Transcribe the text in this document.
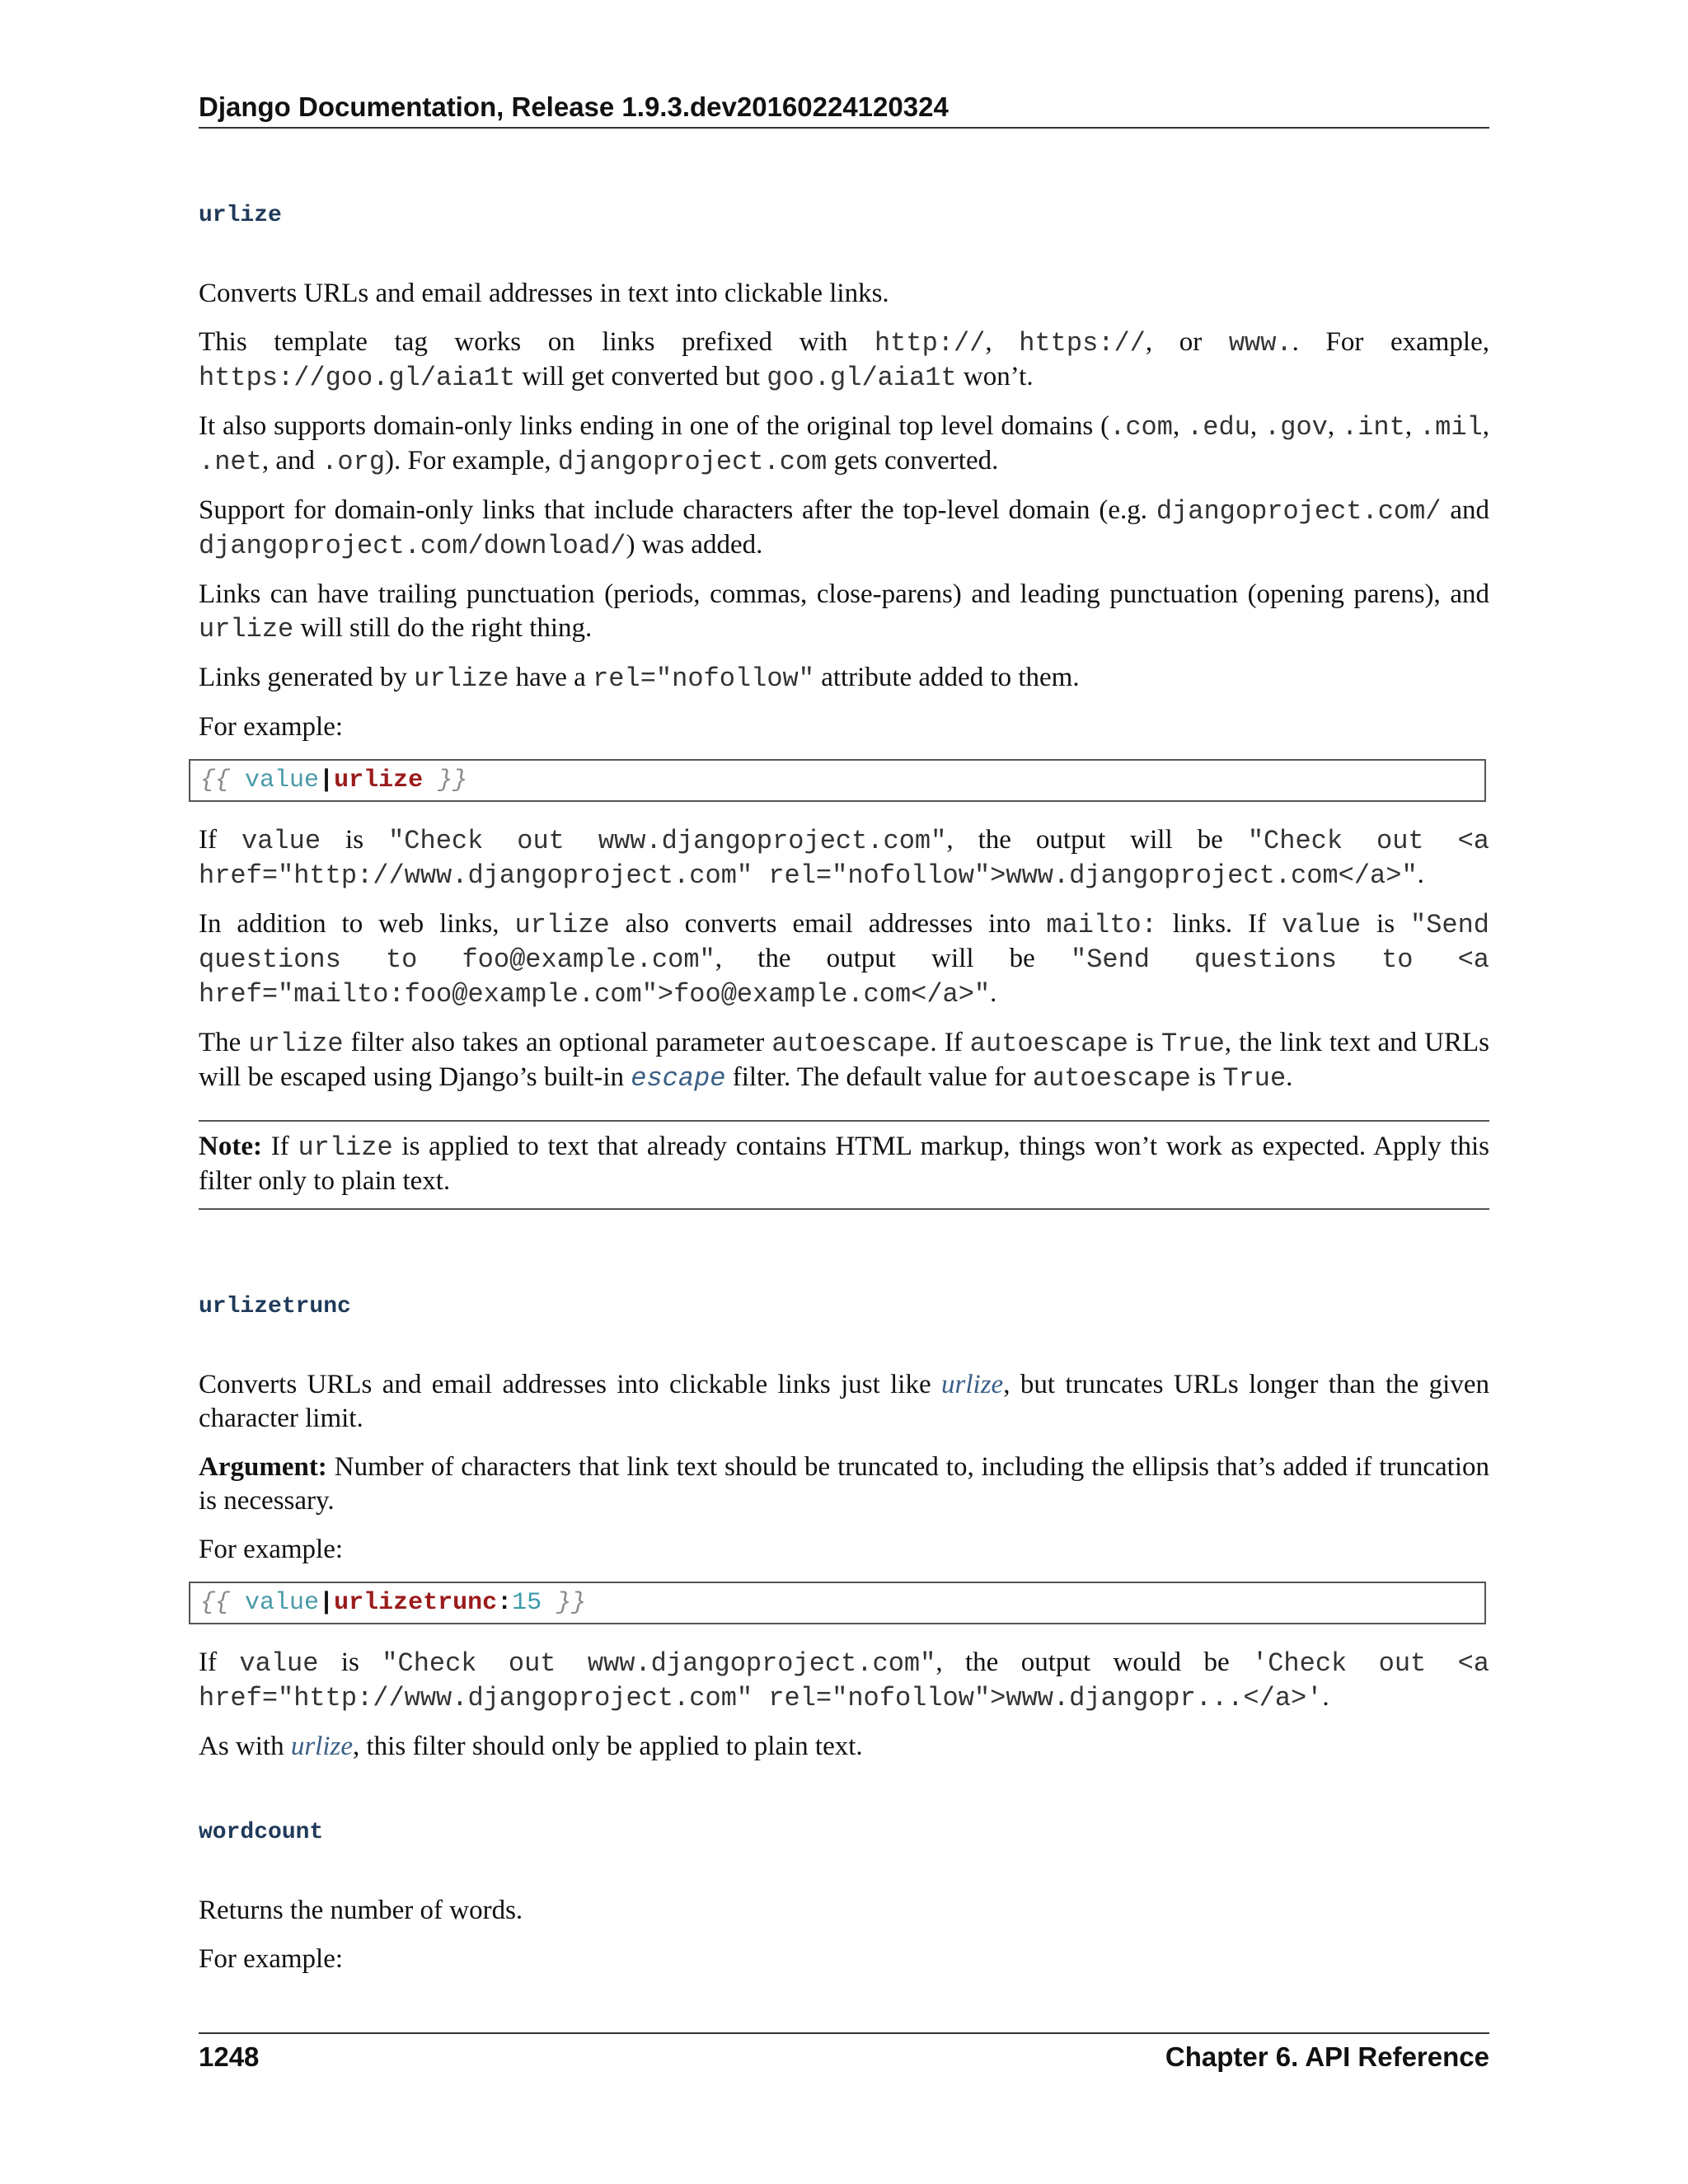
Django Documentation, Release 1.9.3.dev20160224120324
urlize

Converts URLs and email addresses in text into clickable links.

This template tag works on links prefixed with http://, https://, or www.. For example, https://goo.gl/aia1t will get converted but goo.gl/aia1t won’t.

It also supports domain-only links ending in one of the original top level domains (.com, .edu, .gov, .int, .mil, .net, and .org). For example, djangoproject.com gets converted.

Support for domain-only links that include characters after the top-level domain (e.g. djangoproject.com/ and djangoproject.com/download/) was added.

Links can have trailing punctuation (periods, commas, close-parens) and leading punctuation (opening parens), and urlize will still do the right thing.

Links generated by urlize have a rel="nofollow" attribute added to them.

For example:

{{ value|urlize }}

If value is "Check out www.djangoproject.com", the output will be "Check out <a href="http://www.djangoproject.com" rel="nofollow">www.djangoproject.com</a>".

In addition to web links, urlize also converts email addresses into mailto: links. If value is "Send questions to foo@example.com", the output will be "Send questions to <a href="mailto:foo@example.com">foo@example.com</a>".

The urlize filter also takes an optional parameter autoescape. If autoescape is True, the link text and URLs will be escaped using Django’s built-in escape filter. The default value for autoescape is True.

Note: If urlize is applied to text that already contains HTML markup, things won’t work as expected. Apply this filter only to plain text.

urlizetrunc

Converts URLs and email addresses into clickable links just like urlize, but truncates URLs longer than the given character limit.

Argument: Number of characters that link text should be truncated to, including the ellipsis that’s added if truncation is necessary.

For example:

{{ value|urlizetrunc:15 }}

If value is "Check out www.djangoproject.com", the output would be 'Check out <a href="http://www.djangoproject.com" rel="nofollow">www.djangopr...</a>'.

As with urlize, this filter should only be applied to plain text.

wordcount

Returns the number of words.

For example:

1248	Chapter 6. API Reference
